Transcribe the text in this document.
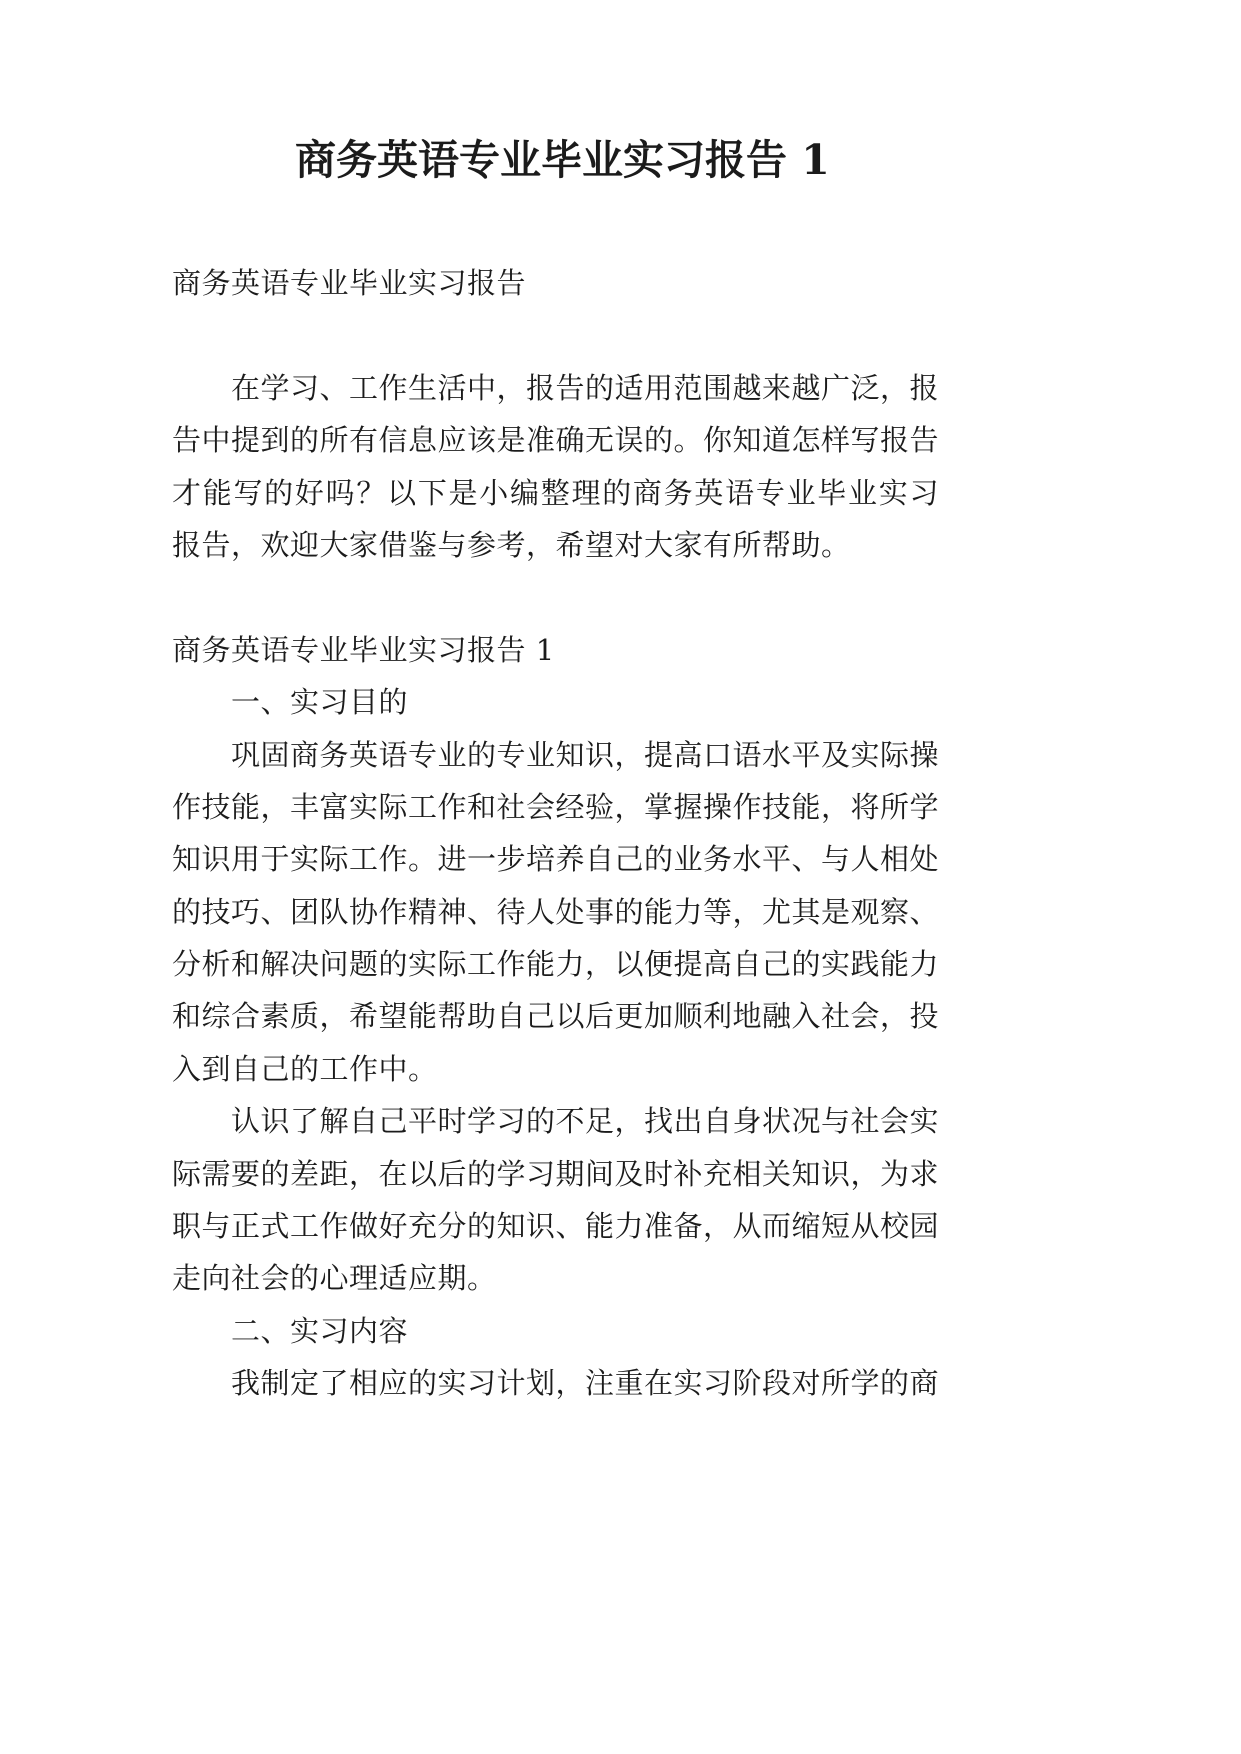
商务英语专业毕业实习报告 1
商务英语专业毕业实习报告
在学习、工作生活中，报告的适用范围越来越广泛，报
告中提到的所有信息应该是准确无误的。你知道怎样写报告
才能写的好吗？以下是小编整理的商务英语专业毕业实习
报告，欢迎大家借鉴与参考，希望对大家有所帮助。
商务英语专业毕业实习报告 1
一、实习目的
巩固商务英语专业的专业知识，提高口语水平及实际操
作技能，丰富实际工作和社会经验，掌握操作技能，将所学
知识用于实际工作。进一步培养自己的业务水平、与人相处
的技巧、团队协作精神、待人处事的能力等，尤其是观察、
分析和解决问题的实际工作能力，以便提高自己的实践能力
和综合素质，希望能帮助自己以后更加顺利地融入社会，投
入到自己的工作中。
认识了解自己平时学习的不足，找出自身状况与社会实
际需要的差距，在以后的学习期间及时补充相关知识，为求
职与正式工作做好充分的知识、能力准备，从而缩短从校园
走向社会的心理适应期。
二、实习内容
我制定了相应的实习计划，注重在实习阶段对所学的商
